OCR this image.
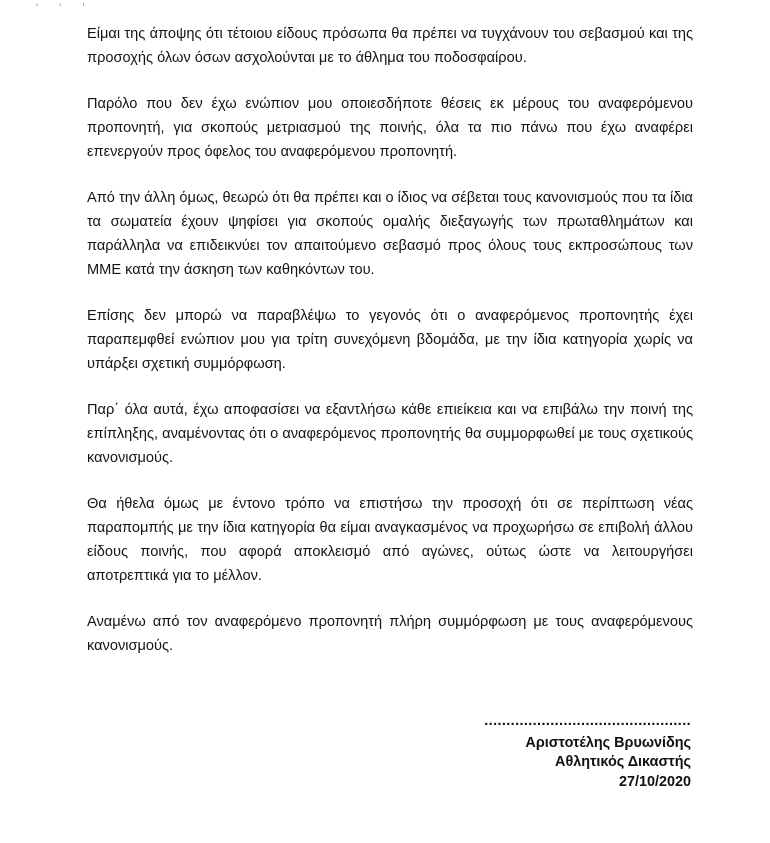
' ' '

Είμαι της άποψης ότι τέτοιου είδους πρόσωπα θα πρέπει να τυγχάνουν του σεβασμού και της προσοχής όλων όσων ασχολούνται με το άθλημα του ποδοσφαίρου.

Παρόλο που δεν έχω ενώπιον μου οποιεσδήποτε θέσεις εκ μέρους του αναφερόμενου προπονητή, για σκοπούς μετριασμού της ποινής, όλα τα πιο πάνω που έχω αναφέρει επενεργούν προς όφελος του αναφερόμενου προπονητή.

Από την άλλη όμως, θεωρώ ότι θα πρέπει και ο ίδιος να σέβεται τους κανονισμούς που τα ίδια τα σωματεία έχουν ψηφίσει για σκοπούς ομαλής διεξαγωγής των πρωταθλημάτων και παράλληλα να επιδεικνύει τον απαιτούμενο σεβασμό προς όλους τους εκπροσώπους των ΜΜΕ κατά την άσκηση των καθηκόντων του.

Επίσης δεν μπορώ να παραβλέψω το γεγονός ότι ο αναφερόμενος προπονητής έχει παραπεμφθεί ενώπιον μου για τρίτη συνεχόμενη βδομάδα, με την ίδια κατηγορία χωρίς να υπάρξει σχετική συμμόρφωση.

Παρ΄ όλα αυτά, έχω αποφασίσει να εξαντλήσω κάθε επιείκεια και να επιβάλω την ποινή της επίπληξης, αναμένοντας ότι ο αναφερόμενος προπονητής θα συμμορφωθεί με τους σχετικούς κανονισμούς.

Θα ήθελα όμως με έντονο τρόπο να επιστήσω την προσοχή ότι σε περίπτωση νέας παραπομπής με την ίδια κατηγορία θα είμαι αναγκασμένος να προχωρήσω σε επιβολή άλλου είδους ποινής, που αφορά αποκλεισμό από αγώνες, ούτως ώστε να λειτουργήσει αποτρεπτικά για το μέλλον.

Αναμένω από τον αναφερόμενο προπονητή πλήρη συμμόρφωση με τους αναφερόμενους κανονισμούς.

...............................................
Αριστοτέλης Βρυωνίδης
Αθλητικός Δικαστής
27/10/2020
